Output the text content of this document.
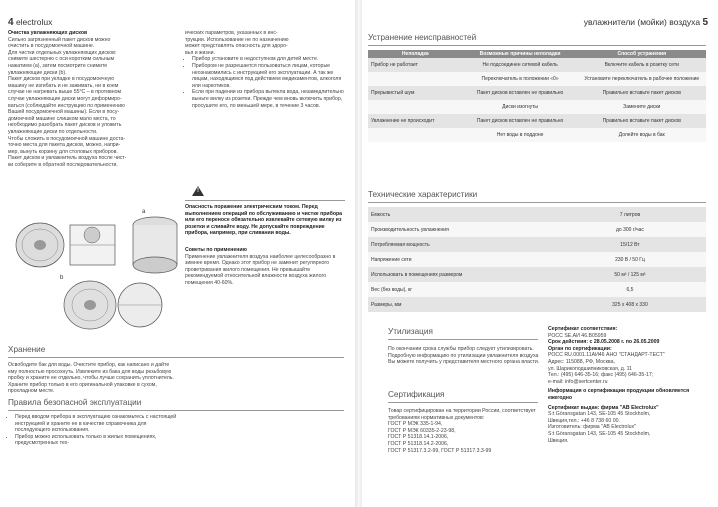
4 electrolux

Очистка увлажняющих дисков

Сильно загрязненный пакет дисков можно

очистить в посудомоечной машине.

Для чистки отдельных увлажняющих дисков:

снимите шестерню с оси коротким сильным

нажатием (a), затем посмотрите снимите

увлажняющие диски (b).

Пакет дисков при укладке в посудомоечную

машину не изгибать и не зажимать, ни в коем

случае не нагревать выше 55°C – в противном

случае увлажняющие диски могут деформиро-

ваться (соблюдайте инструкцию по применению

Вашей посудомоечной машины). Если в посу-

домоечной машине слишком мало места, то

необходимо разобрать пакет дисков и уложить

увлажняющие диски по отдельности.

Чтобы сложить в посудомоечной машине доста-

точно места для пакета дисков, можно, напри-

мер, вынуть корзину для столовых приборов.

Пакет дисков и увлажнитель воздуха после чист-

ки соберите в обратной последовательности.

a
b

ических параметров, указанных в инс-

трукции. Использование не по назначению

может представлять опасность для здоро-

вья и жизни.

• Прибор установите в недоступном для детей месте.
• Прибором не разрешается пользоваться лицам, которые неознакомились с инструкцией его эксплуатации. А так же лицам, находящимся под действием медикаментов, алкоголя или наркотиков.
• Если при падении из прибора вытекла вода, незамедлительно выньте вилку из розетки. Прежде чем вновь включить прибор, просушите его, по меньшей мере, в течение 3 часов.
!
Опасность поражение электрическим током. Перед выполнением операций по обслуживанию и чистке прибора или его переносе обязательно извлекайте сетевую вилку из розетки и сливайте воду. Не допускайте повреждение прибора, например, при сливании воды.

Советы по применению

Применение увлажнителя воздуха наиболее целесообразно в зимнее время. Однако этот прибор не заменит регулярного проветривания жилого помещения. Не превышайте рекомендуемой относительной влажности воздуха жилого помещения 40-60%.

Хранение
Освободите бак для воды. Очистите прибор, как написано и дайте ему полностью просохнуть. Извлеките из бака для воды резьбовую пробку и храните ее отдельно, чтобы лучше сохранить уплотнитель. Храните прибор только в его оригинальной упаковке в сухом, прохладном месте.
Правила безопасной эксплуатации
• Перед вводом прибора в эксплуатацию ознакомьтесь с настоящей инструкцией и храните ее в качестве справочника для последующего использования.
• Прибор можно использовать только в жилых помещениях, предусмотренных тех-
увлажнители (мойки) воздуха 5
Устранение неисправностей
Неполадка	Возможные причины неполадки	Способ устранения
Прибор не работает	Не подсоединен сетевой кабель	Включите кабель в розетку сети
	Переключатель в положении «0»	Установите переключатель в рабочее положение
Прерывистый шум	Пакет дисков вставлен не правильно	Правильно вставьте пакет дисков
	Диски изогнуты	Замените диски
Увлажнение не происходит	Пакет дисков вставлен не правильно	Правильно вставьте пакет дисков
	Нет воды в поддоне	Долейте воды в бак
Технические характеристики
Емкость	7 литров
Производительность увлажнения	до 300 г/час
Потребляемая мощность	15/12 Вт
Напряжение сети	230 В / 50 Гц
Использовать в помещениях размером	50 м² / 125 м³
Вес (без воды), кг	6,5
Размеры, мм	325 x 408 x 330
Утилизация
По окончании срока службы прибор следует утилизировать. Подробную информацию по утилизации увлажнителя воздуха Вы можете получить у представителя местного органа власти.
Сертификация

Товар сертифицирован на территории России, соответствует требованиям нормативных документов:

ГОСТ Р МЭК 335-1-94,

ГОСТ Р МЭК 60335-2-23-98,

ГОСТ Р 51318.14.1-2006,

ГОСТ Р 51318.14.2-2006,

ГОСТ Р 51317.3.2-99, ГОСТ Р 51317.3.3-99

Сертификат соответствия:

РОСС SE.АИ 46.B05959

Срок действия: с 28.05.2008 г. по 26.05.2009

Орган по сертификации:

РОСС RU.0001.11АИ46 АНО "СТАНДАРТ-ТЕСТ"

Адрес: 115088, РФ, Москва,

ул. Шарикоподшипниковская, д. 11

Тел.: (495) 646-35-16; факс (495) 646-35-17;

e-mail: info@sertcenter.ru

Информация о сертификации продукции обновляется ежегодно

Сертификат выдан: фирма "AB Electrolux"

S:t Göransgatan 143, SE-105 45 Stockholm,

Швеция,тел.: +46 8 738 60 00.

Изготовитель: фирма "AB Electrolux"

S:t Göransgatan 143, SE-105 45 Stockholm,

Швеция.
